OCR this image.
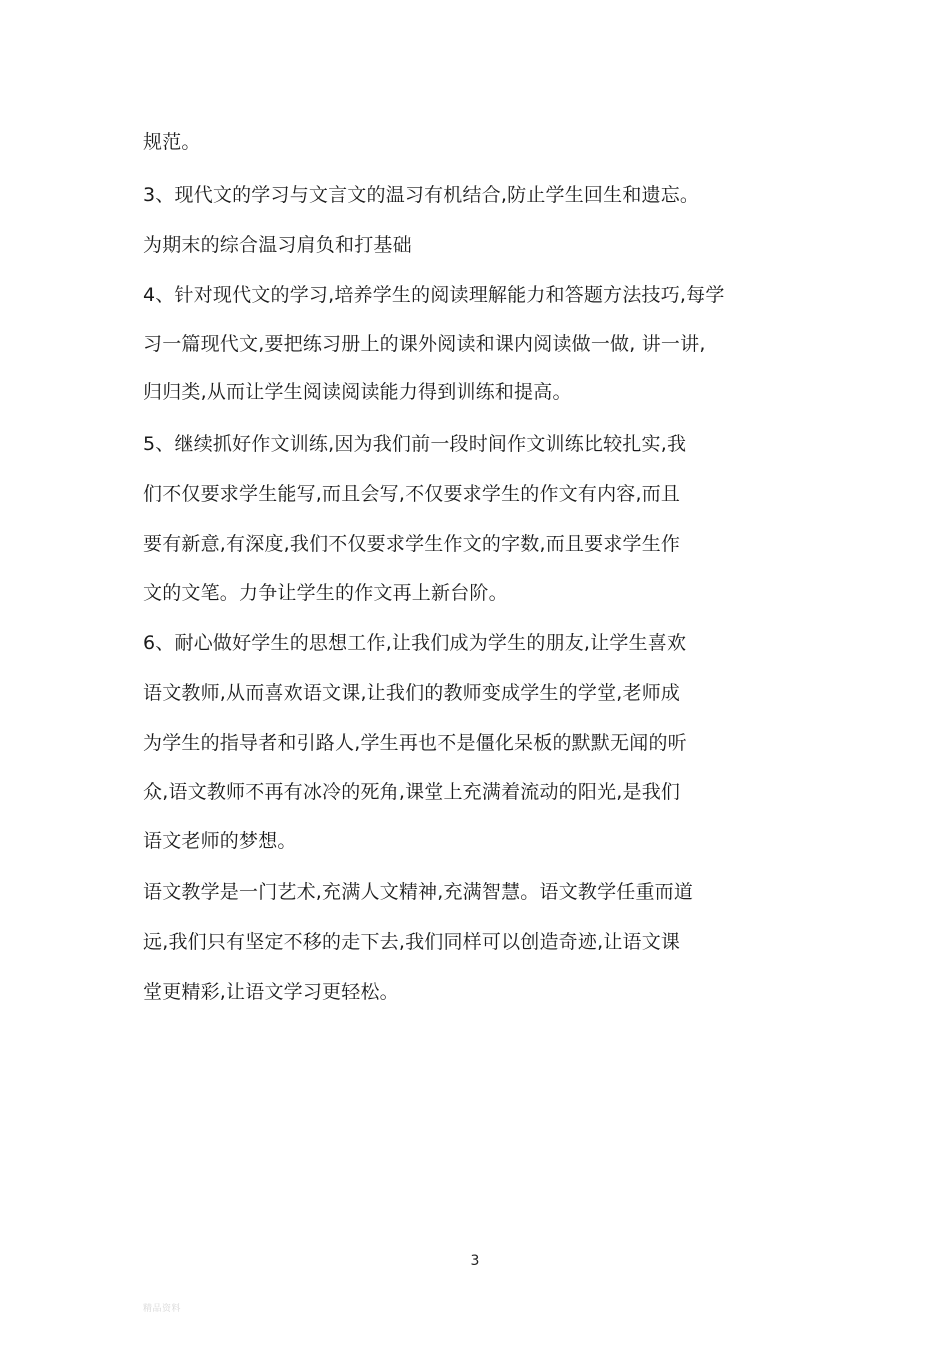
规范。
3、现代文的学习与文言文的温习有机结合,防止学生回生和遗忘。
为期末的综合温习肩负和打基础
4、针对现代文的学习,培养学生的阅读理解能力和答题方法技巧,每学
习一篇现代文,要把练习册上的课外阅读和课内阅读做一做, 讲一讲,
归归类,从而让学生阅读阅读能力得到训练和提高。
5、继续抓好作文训练,因为我们前一段时间作文训练比较扎实,我
们不仅要求学生能写,而且会写,不仅要求学生的作文有内容,而且
要有新意,有深度,我们不仅要求学生作文的字数,而且要求学生作
文的文笔。力争让学生的作文再上新台阶。
6、耐心做好学生的思想工作,让我们成为学生的朋友,让学生喜欢
语文教师,从而喜欢语文课,让我们的教师变成学生的学堂,老师成
为学生的指导者和引路人,学生再也不是僵化呆板的默默无闻的听
众,语文教师不再有冰冷的死角,课堂上充满着流动的阳光,是我们
语文老师的梦想。
语文教学是一门艺术,充满人文精神,充满智慧。语文教学任重而道
远,我们只有坚定不移的走下去,我们同样可以创造奇迹,让语文课
堂更精彩,让语文学习更轻松。
3
精品资料
